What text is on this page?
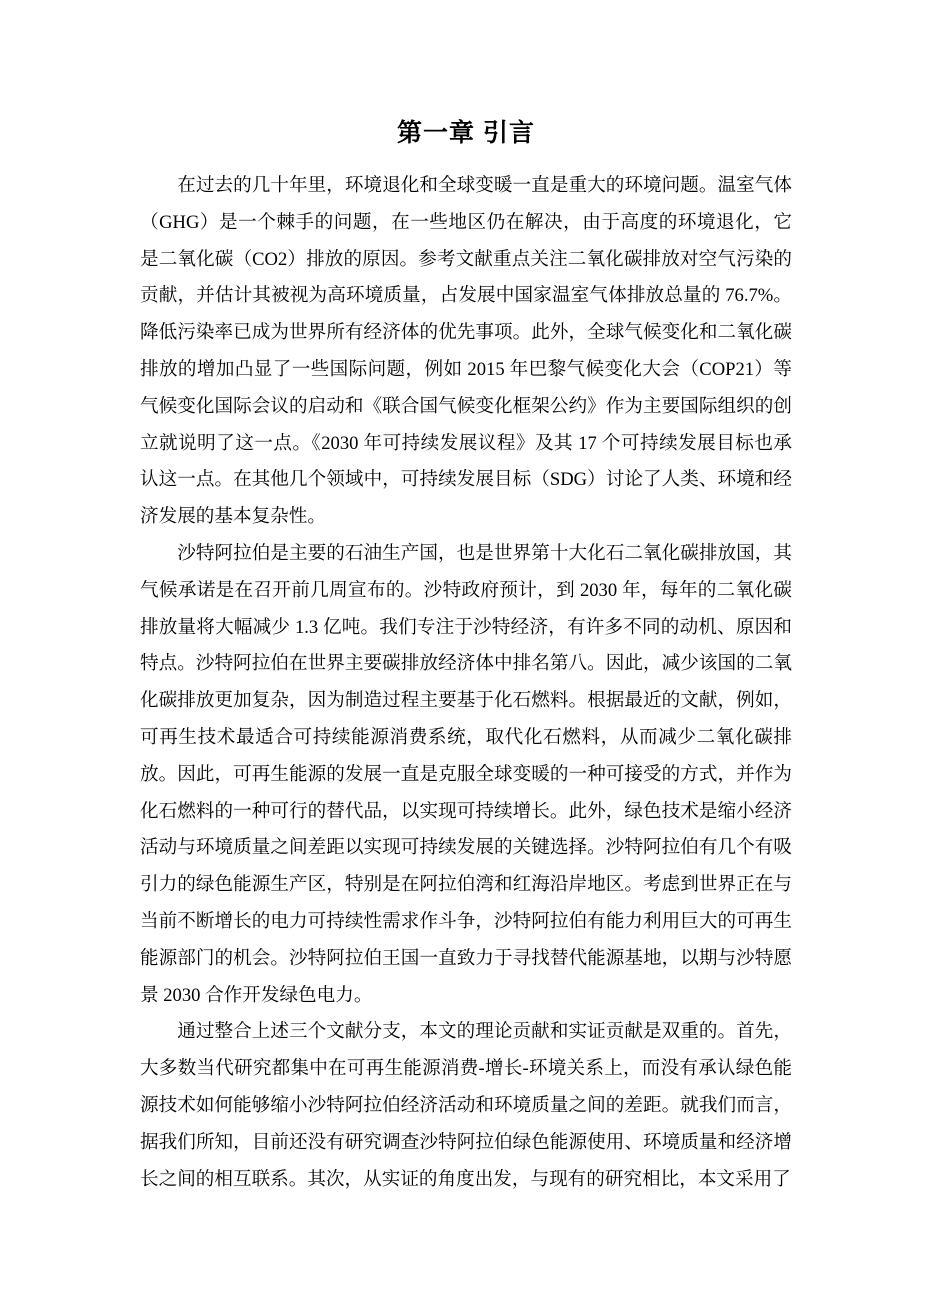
第一章 引言

在过去的几十年里，环境退化和全球变暖一直是重大的环境问题。温室气体（GHG）是一个棘手的问题，在一些地区仍在解决，由于高度的环境退化，它是二氧化碳（CO2）排放的原因。参考文献重点关注二氧化碳排放对空气污染的贡献，并估计其被视为高环境质量，占发展中国家温室气体排放总量的 76.7%。降低污染率已成为世界所有经济体的优先事项。此外，全球气候变化和二氧化碳排放的增加凸显了一些国际问题，例如 2015 年巴黎气候变化大会（COP21）等气候变化国际会议的启动和《联合国气候变化框架公约》作为主要国际组织的创立就说明了这一点。《2030 年可持续发展议程》及其 17 个可持续发展目标也承认这一点。在其他几个领域中，可持续发展目标（SDG）讨论了人类、环境和经济发展的基本复杂性。

沙特阿拉伯是主要的石油生产国，也是世界第十大化石二氧化碳排放国，其气候承诺是在召开前几周宣布的。沙特政府预计，到 2030 年，每年的二氧化碳排放量将大幅减少 1.3 亿吨。我们专注于沙特经济，有许多不同的动机、原因和特点。沙特阿拉伯在世界主要碳排放经济体中排名第八。因此，减少该国的二氧化碳排放更加复杂，因为制造过程主要基于化石燃料。根据最近的文献，例如，可再生技术最适合可持续能源消费系统，取代化石燃料，从而减少二氧化碳排放。因此，可再生能源的发展一直是克服全球变暖的一种可接受的方式，并作为化石燃料的一种可行的替代品，以实现可持续增长。此外，绿色技术是缩小经济活动与环境质量之间差距以实现可持续发展的关键选择。沙特阿拉伯有几个有吸引力的绿色能源生产区，特别是在阿拉伯湾和红海沿岸地区。考虑到世界正在与当前不断增长的电力可持续性需求作斗争，沙特阿拉伯有能力利用巨大的可再生能源部门的机会。沙特阿拉伯王国一直致力于寻找替代能源基地，以期与沙特愿景 2030 合作开发绿色电力。

通过整合上述三个文献分支，本文的理论贡献和实证贡献是双重的。首先，大多数当代研究都集中在可再生能源消费-增长-环境关系上，而没有承认绿色能源技术如何能够缩小沙特阿拉伯经济活动和环境质量之间的差距。就我们而言，据我们所知，目前还没有研究调查沙特阿拉伯绿色能源使用、环境质量和经济增长之间的相互联系。其次，从实证的角度出发，与现有的研究相比，本文采用了
